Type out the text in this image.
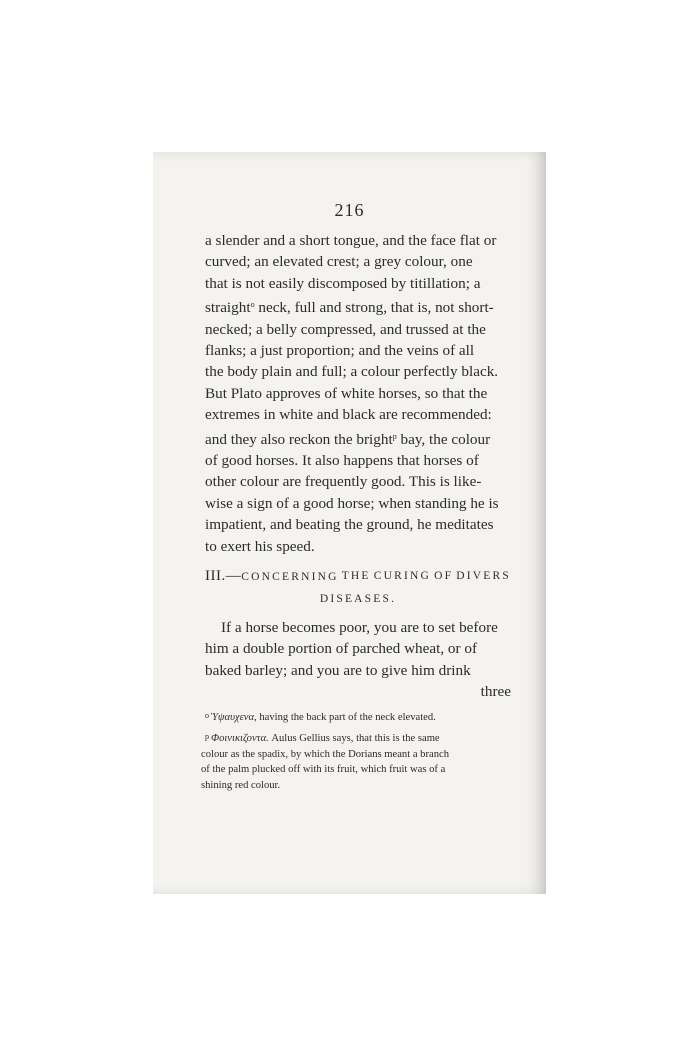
216
a slender and a short tongue, and the face flat or
curved; an elevated crest; a grey colour, one
that is not easily discomposed by titillation; a
straight$^o$ neck, full and strong, that is, not short-
necked; a belly compressed, and trussed at the
flanks; a just proportion; and the veins of all
the body plain and full; a colour perfectly black.
But Plato approves of white horses, so that the
extremes in white and black are recommended:
and they also reckon the bright$^p$ bay, the colour
of good horses. It also happens that horses of
other colour are frequently good. This is like-
wise a sign of a good horse; when standing he is
impatient, and beating the ground, he meditates
to exert his speed.
III.—CONCERNING THE CURING OF DIVERS
DISEASES.
If a horse becomes poor, you are to set before
him a double portion of parched wheat, or of
baked barley; and you are to give him drink
three
o Ὑψαυχενα, having the back part of the neck elevated.
p Φοινικιζοντα. Aulus Gellius says, that this is the same
colour as the spadix, by which the Dorians meant a branch
of the palm plucked off with its fruit, which fruit was of a
shining red colour.
